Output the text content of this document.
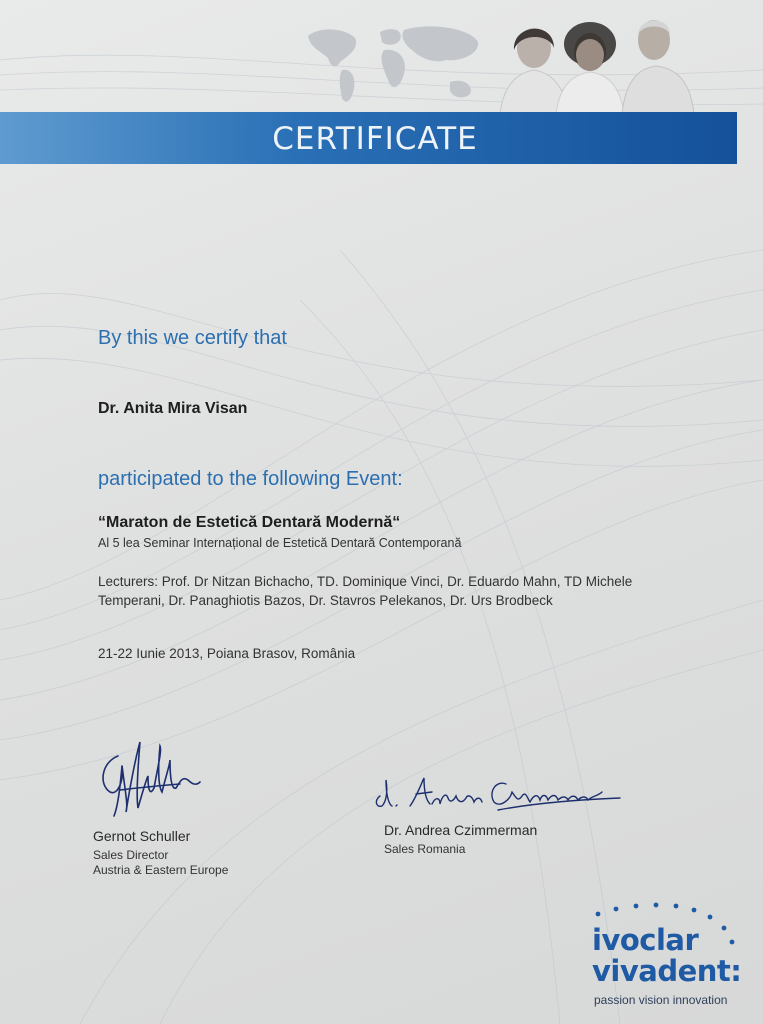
CERTIFICATE
By this we certify that
Dr. Anita Mira Visan
participated to the following Event:
“Maraton de Estetică Dentară Modernă“
Al 5 lea Seminar Internațional de Estetică Dentară Contemporană
Lecturers: Prof. Dr Nitzan Bichacho, TD. Dominique Vinci, Dr. Eduardo Mahn, TD Michele Temperani, Dr. Panaghiotis Bazos, Dr. Stavros Pelekanos, Dr. Urs Brodbeck
21-22 Iunie 2013, Poiana Brasov, România
Gernot Schuller
Sales Director
Austria & Eastern Europe
Dr. Andrea Czimmerman
Sales Romania
ivoclar
vivadent:
passion vision innovation
